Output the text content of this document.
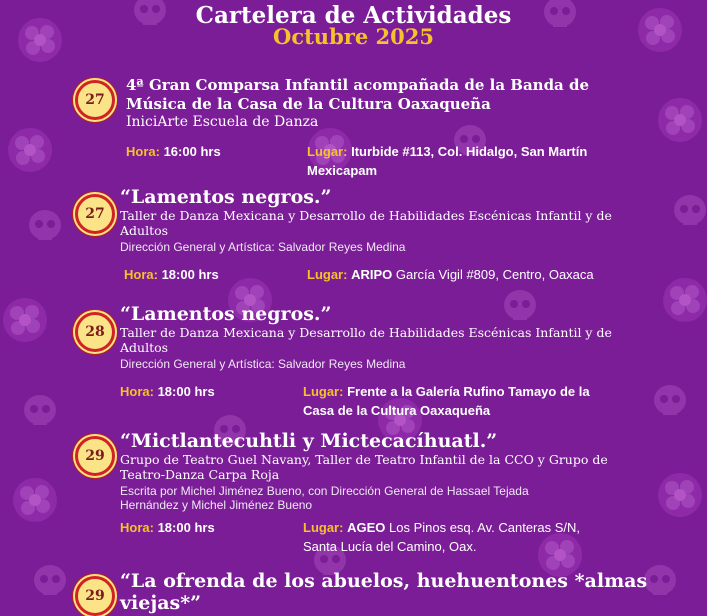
Cartelera de Actividades
Octubre 2025
27
4ª Gran Comparsa Infantil acompañada de la Banda de
Música de la Casa de la Cultura Oaxaqueña
IniciArte Escuela de Danza
Hora: 16:00 hrs	Lugar: Iturbide #113, Col. Hidalgo, San Martín
Mexicapam
27
“Lamentos negros.”
Taller de Danza Mexicana y Desarrollo de Habilidades Escénicas Infantil y de
Adultos
Dirección General y Artística: Salvador Reyes Medina
Hora: 18:00 hrs	Lugar: ARIPO García Vigil #809, Centro, Oaxaca
28
“Lamentos negros.”
Taller de Danza Mexicana y Desarrollo de Habilidades Escénicas Infantil y de
Adultos
Dirección General y Artística: Salvador Reyes Medina
Hora: 18:00 hrs	Lugar: Frente a la Galería Rufino Tamayo de la
Casa de la Cultura Oaxaqueña
29
“Mictlantecuhtli y Mictecacíhuatl.”
Grupo de Teatro Guel Navany, Taller de Teatro Infantil de la CCO y Grupo de
Teatro-Danza Carpa Roja
Escrita por Michel Jiménez Bueno, con Dirección General de Hassael Tejada
Hernández y Michel Jiménez Bueno
Hora: 18:00 hrs	Lugar: AGEO Los Pinos esq. Av. Canteras S/N,
Santa Lucía del Camino, Oax.
29
“La ofrenda de los abuelos, huehuentones *almas
viejas*”
